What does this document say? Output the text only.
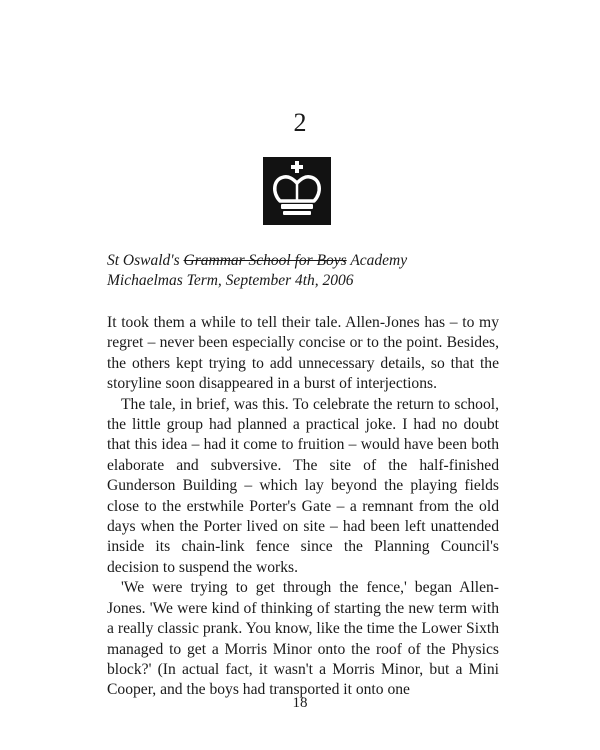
2
St Oswald's Grammar School for Boys Academy
Michaelmas Term, September 4th, 2006

It took them a while to tell their tale. Allen-Jones has – to my regret – never been especially concise or to the point. Besides, the others kept trying to add unnecessary details, so that the storyline soon disappeared in a burst of interjections.

The tale, in brief, was this. To celebrate the return to school, the little group had planned a practical joke. I had no doubt that this idea – had it come to fruition – would have been both elaborate and subversive. The site of the half-finished Gunderson Building – which lay beyond the playing fields close to the erstwhile Porter's Gate – a remnant from the old days when the Porter lived on site – had been left unattended inside its chain-link fence since the Planning Council's decision to suspend the works.

'We were trying to get through the fence,' began Allen-Jones. 'We were kind of thinking of starting the new term with a really classic prank. You know, like the time the Lower Sixth managed to get a Morris Minor onto the roof of the Physics block?' (In actual fact, it wasn't a Morris Minor, but a Mini Cooper, and the boys had transported it onto one

18
